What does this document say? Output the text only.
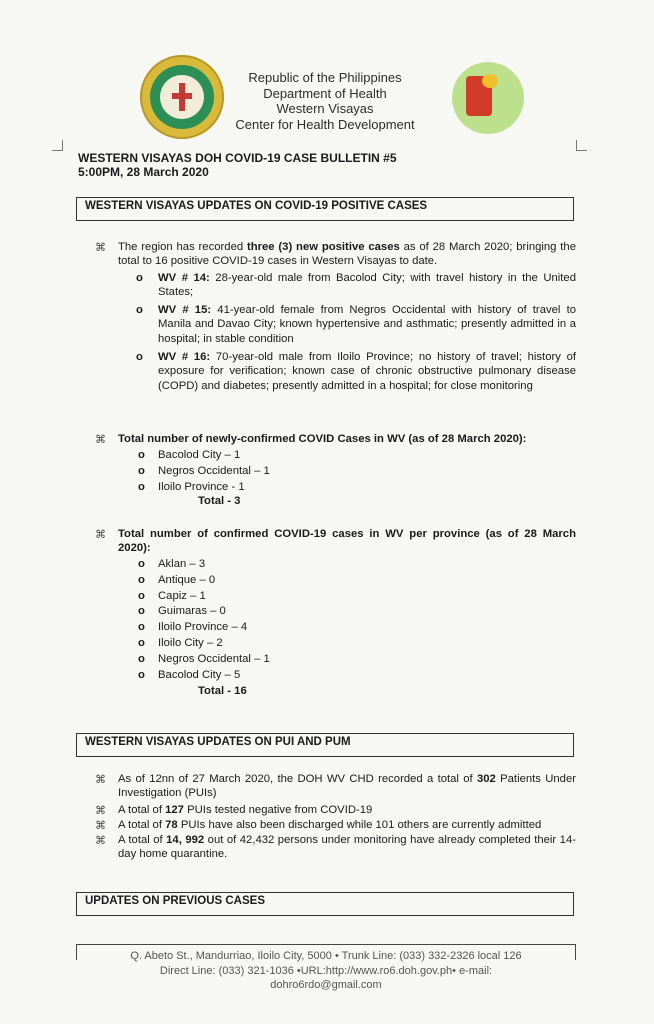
Republic of the Philippines
Department of Health
Western Visayas
Center for Health Development
WESTERN VISAYAS DOH COVID-19 CASE BULLETIN #5
5:00PM, 28 March 2020
WESTERN VISAYAS UPDATES ON COVID-19 POSITIVE CASES
⌘ The region has recorded three (3) new positive cases as of 28 March 2020; bringing the total to 16 positive COVID-19 cases in Western Visayas to date.
o WV # 14: 28-year-old male from Bacolod City; with travel history in the United States;
o WV # 15: 41-year-old female from Negros Occidental with history of travel to Manila and Davao City; known hypertensive and asthmatic; presently admitted in a hospital; in stable condition
o WV # 16: 70-year-old male from Iloilo Province; no history of travel; history of exposure for verification; known case of chronic obstructive pulmonary disease (COPD) and diabetes; presently admitted in a hospital; for close monitoring
⌘ Total number of newly-confirmed COVID Cases in WV (as of 28 March 2020):
o Bacolod City – 1
o Negros Occidental – 1
o Iloilo Province - 1
Total - 3
⌘ Total number of confirmed COVID-19 cases in WV per province (as of 28 March 2020):
o Aklan – 3
o Antique – 0
o Capiz – 1
o Guimaras – 0
o Iloilo Province – 4
o Iloilo City – 2
o Negros Occidental – 1
o Bacolod City – 5
Total - 16
WESTERN VISAYAS UPDATES ON PUI AND PUM
⌘ As of 12nn of 27 March 2020, the DOH WV CHD recorded a total of 302 Patients Under Investigation (PUIs)
⌘ A total of 127 PUIs tested negative from COVID-19
⌘ A total of 78 PUIs have also been discharged while 101 others are currently admitted
⌘ A total of 14, 992 out of 42,432 persons under monitoring have already completed their 14-day home quarantine.
UPDATES ON PREVIOUS CASES
Q. Abeto St., Mandurriao, Iloilo City, 5000 • Trunk Line: (033) 332-2326 local 126
Direct Line: (033) 321-1036 •URL:http://www.ro6.doh.gov.ph• e-mail:
dohro6rdo@gmail.com
